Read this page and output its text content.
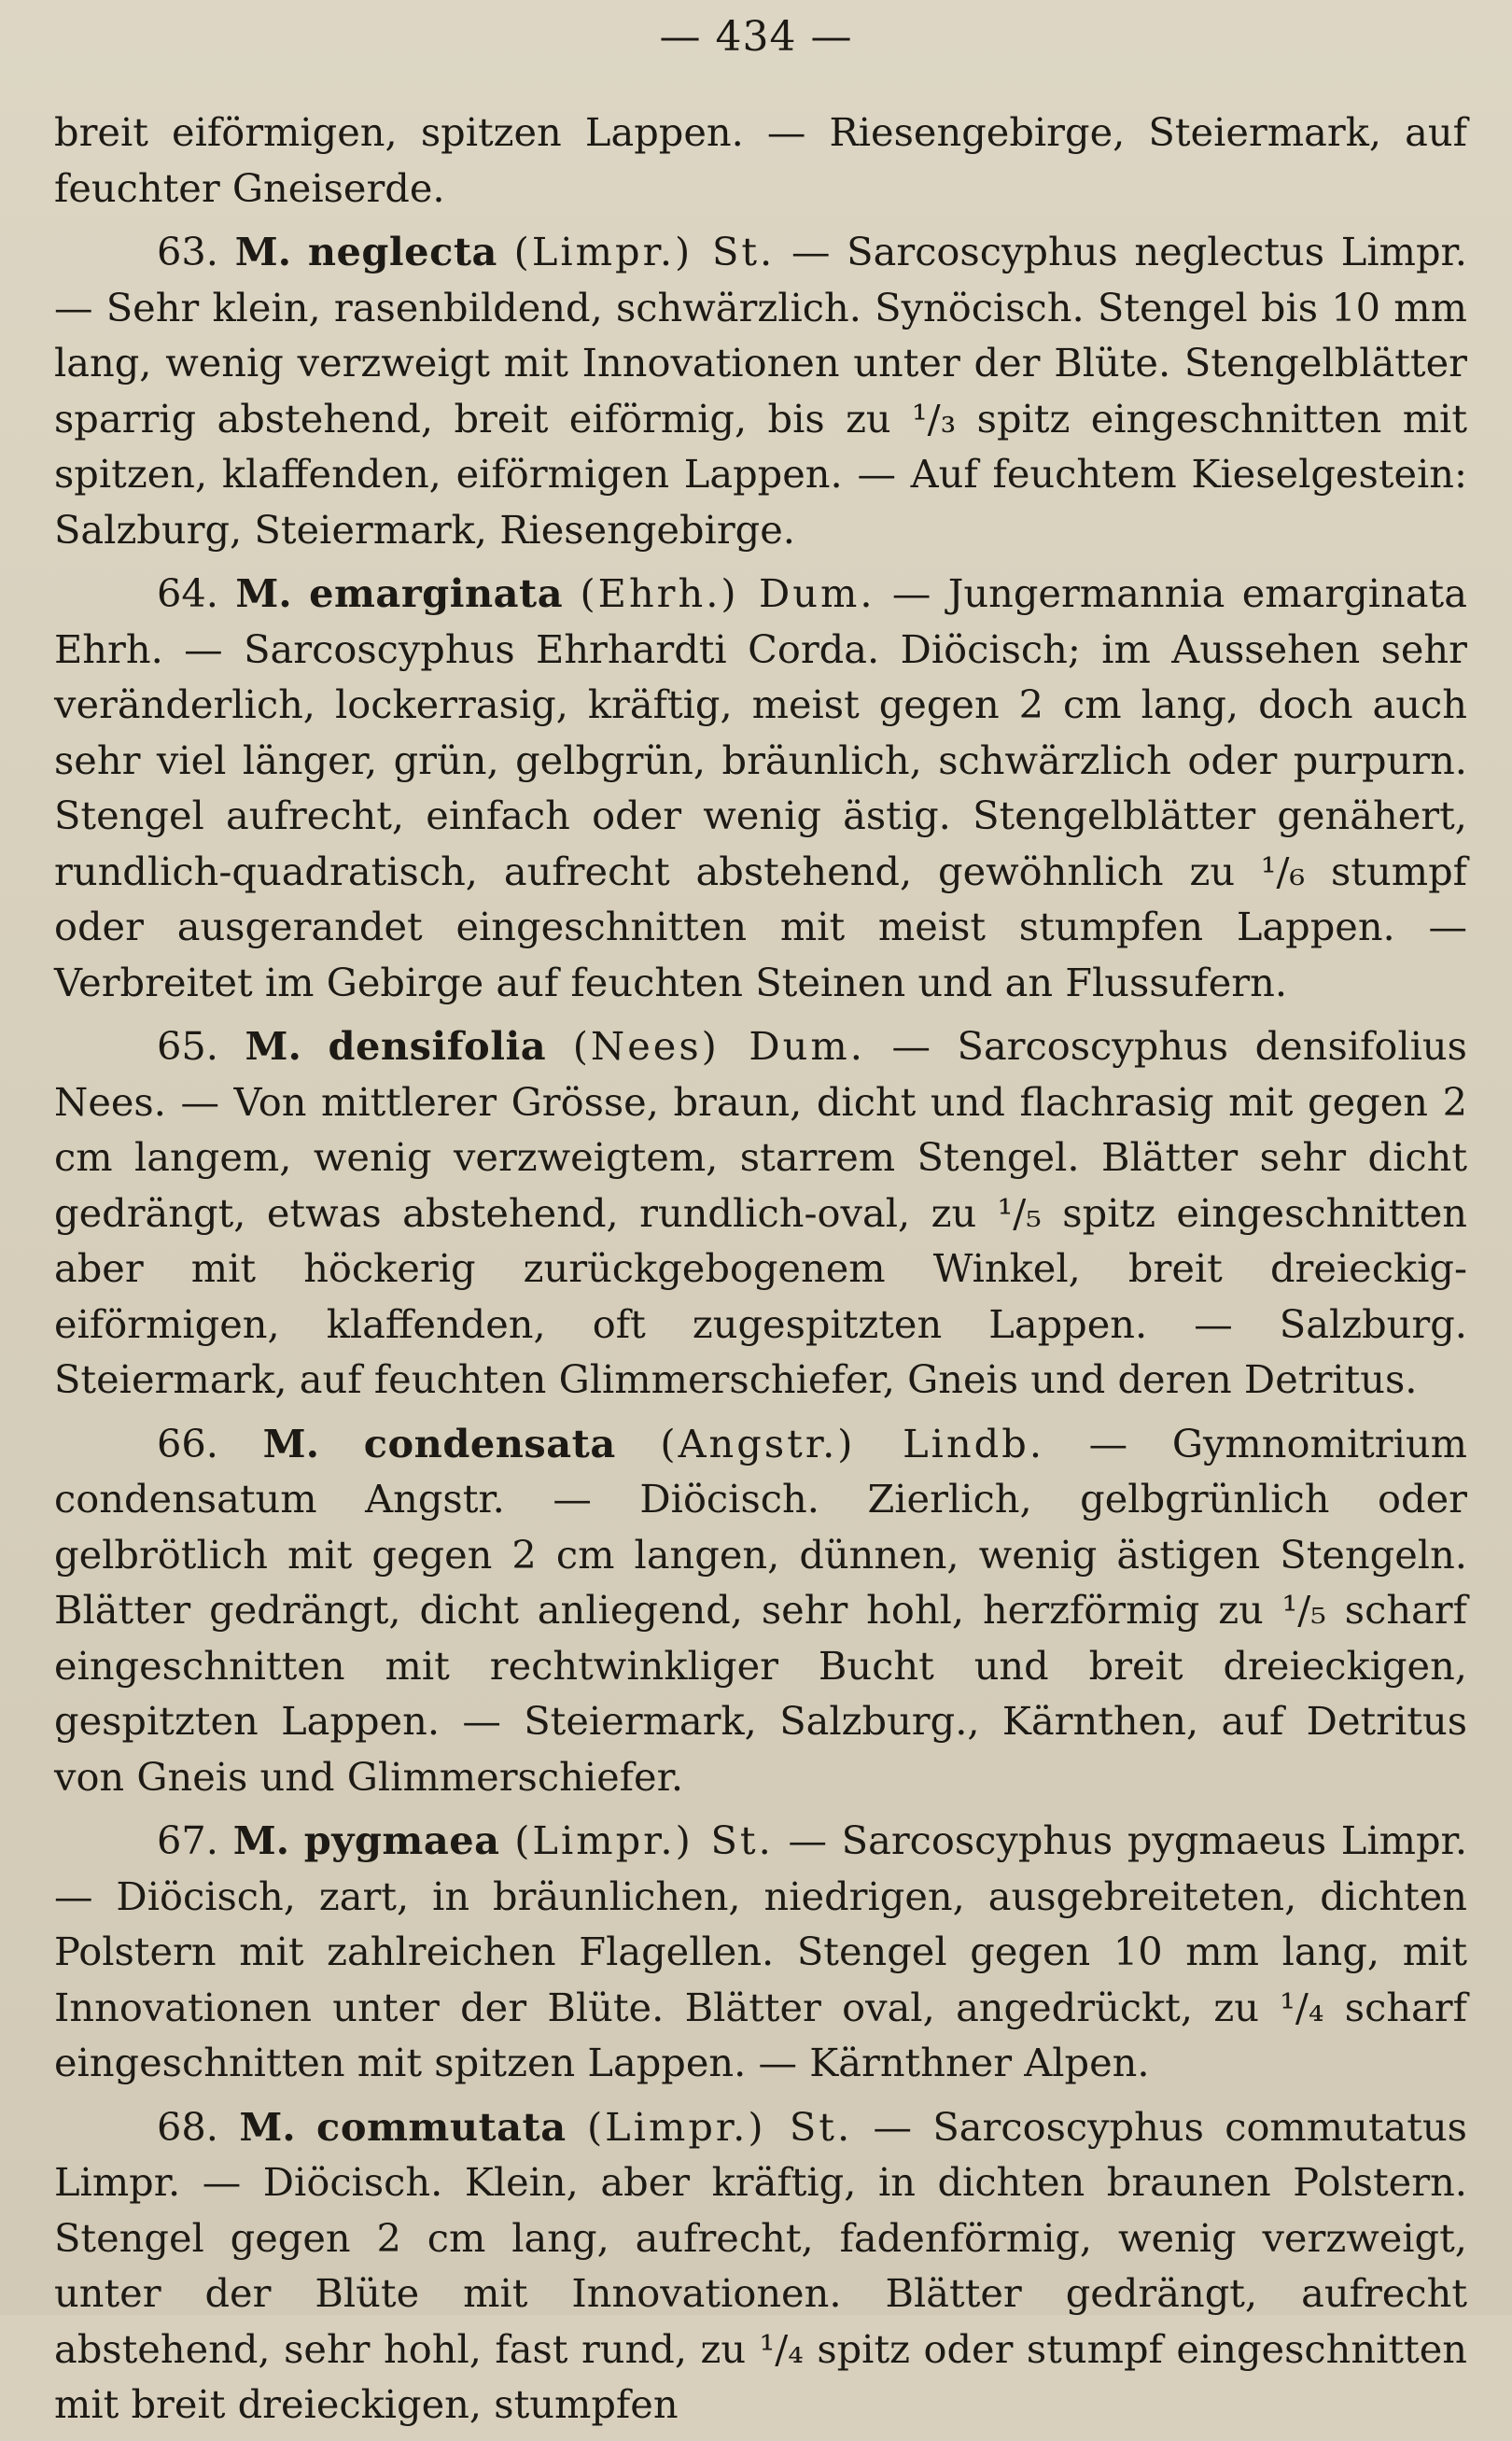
— 434 —

breit eiförmigen, spitzen Lappen. — Riesengebirge, Steiermark, auf feuchter Gneiserde.

63. M. neglecta (Limpr.) St. — Sarcoscyphus neglectus Limpr. — Sehr klein, rasenbildend, schwärzlich. Synöcisch. Stengel bis 10 mm lang, wenig verzweigt mit Innovationen unter der Blüte. Stengelblätter sparrig abstehend, breit eiförmig, bis zu ¹/₃ spitz eingeschnitten mit spitzen, klaffenden, eiförmigen Lappen. — Auf feuchtem Kieselgestein: Salzburg, Steiermark, Riesengebirge.

64. M. emarginata (Ehrh.) Dum. — Jungermannia emarginata Ehrh. — Sarcoscyphus Ehrhardti Corda. Diöcisch; im Aussehen sehr veränderlich, lockerrasig, kräftig, meist gegen 2 cm lang, doch auch sehr viel länger, grün, gelbgrün, bräunlich, schwärzlich oder purpurn. Stengel aufrecht, einfach oder wenig ästig. Stengelblätter genähert, rundlich-quadratisch, aufrecht abstehend, gewöhnlich zu ¹/₆ stumpf oder ausgerandet eingeschnitten mit meist stumpfen Lappen. — Verbreitet im Gebirge auf feuchten Steinen und an Flussufern.

65. M. densifolia (Nees) Dum. — Sarcoscyphus densifolius Nees. — Von mittlerer Grösse, braun, dicht und flachrasig mit gegen 2 cm langem, wenig verzweigtem, starrem Stengel. Blätter sehr dicht gedrängt, etwas abstehend, rundlich-oval, zu ¹/₅ spitz eingeschnitten aber mit höckerig zurückgebogenem Winkel, breit dreieckig-eiförmigen, klaffenden, oft zugespitzten Lappen. — Salzburg. Steiermark, auf feuchten Glimmerschiefer, Gneis und deren Detritus.

66. M. condensata (Angstr.) Lindb. — Gymnomitrium condensatum Angstr. — Diöcisch. Zierlich, gelbgrünlich oder gelbrötlich mit gegen 2 cm langen, dünnen, wenig ästigen Stengeln. Blätter gedrängt, dicht anliegend, sehr hohl, herzförmig zu ¹/₅ scharf eingeschnitten mit rechtwinkliger Bucht und breit dreieckigen, gespitzten Lappen. — Steiermark, Salzburg., Kärnthen, auf Detritus von Gneis und Glimmerschiefer.

67. M. pygmaea (Limpr.) St. — Sarcoscyphus pygmaeus Limpr. — Diöcisch, zart, in bräunlichen, niedrigen, ausgebreiteten, dichten Polstern mit zahlreichen Flagellen. Stengel gegen 10 mm lang, mit Innovationen unter der Blüte. Blätter oval, angedrückt, zu ¹/₄ scharf eingeschnitten mit spitzen Lappen. — Kärnthner Alpen.

68. M. commutata (Limpr.) St. — Sarcoscyphus commutatus Limpr. — Diöcisch. Klein, aber kräftig, in dichten braunen Polstern. Stengel gegen 2 cm lang, aufrecht, fadenförmig, wenig verzweigt, unter der Blüte mit Innovationen. Blätter gedrängt, aufrecht abstehend, sehr hohl, fast rund, zu ¹/₄ spitz oder stumpf eingeschnitten mit breit dreieckigen, stumpfen
